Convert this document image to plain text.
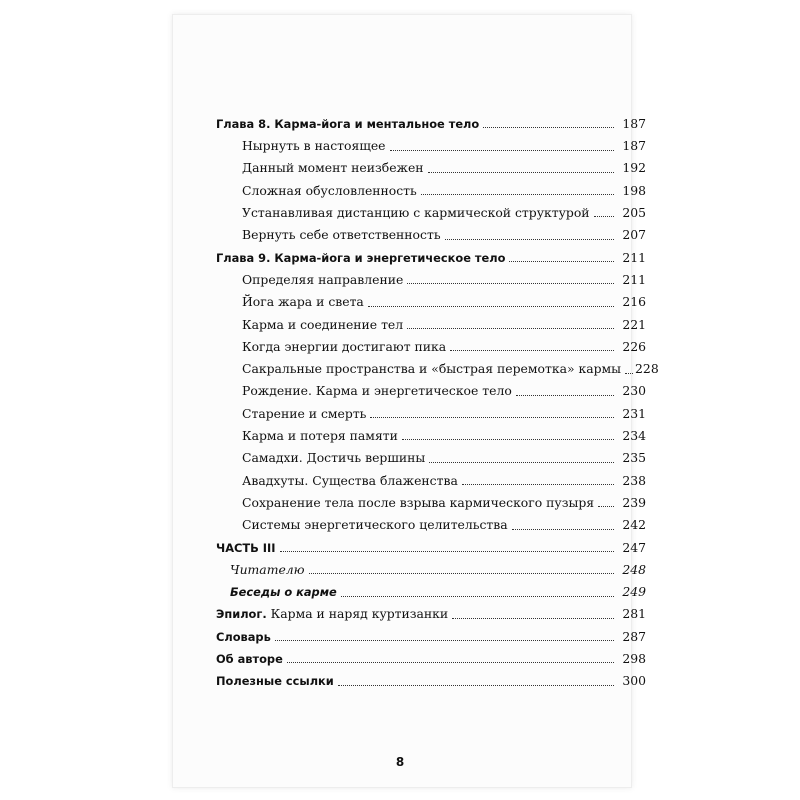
Глава 8. Карма-йога и ментальное тело	187
Нырнуть в настоящее	187
Данный момент неизбежен	192
Сложная обусловленность	198
Устанавливая дистанцию с кармической структурой	205
Вернуть себе ответственность	207
Глава 9. Карма-йога и энергетическое тело	211
Определяя направление	211
Йога жара и света	216
Карма и соединение тел	221
Когда энергии достигают пика	226
Сакральные пространства и «быстрая перемотка» кармы 228
Рождение. Карма и энергетическое тело	230
Старение и смерть	231
Карма и потеря памяти	234
Самадхи. Достичь вершины	235
Авадхуты. Существа блаженства	238
Сохранение тела после взрыва кармического пузыря	239
Системы энергетического целительства	242
ЧАСТЬ III	247
Читателю	248
Беседы о карме	249
Эпилог. Карма и наряд куртизанки	281
Словарь	287
Об авторе	298
Полезные ссылки	300
8
